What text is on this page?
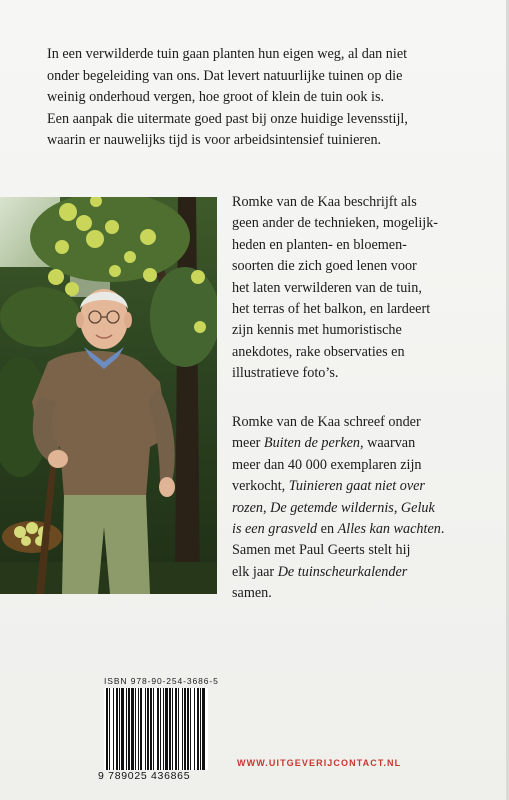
In een verwilderde tuin gaan planten hun eigen weg, al dan niet
onder begeleiding van ons. Dat levert natuurlijke tuinen op die
weinig onderhoud vergen, hoe groot of klein de tuin ook is.
Een aanpak die uitermate goed past bij onze huidige levensstijl,
waarin er nauwelijks tijd is voor arbeidsintensief tuinieren.
Romke van de Kaa beschrijft als
geen ander de technieken, mogelijk-
heden en planten- en bloemen-
soorten die zich goed lenen voor
het laten verwilderen van de tuin,
het terras of het balkon, en lardeert
zijn kennis met humoristische
anekdotes, rake observaties en
illustratieve foto’s.
Romke van de Kaa schreef onder
meer Buiten de perken, waarvan
meer dan 40 000 exemplaren zijn
verkocht, Tuinieren gaat niet over
rozen, De getemde wildernis, Geluk
is een grasveld en Alles kan wachten.
Samen met Paul Geerts stelt hij
elk jaar De tuinscheurkalender
samen.
ISBN 978-90-254-3686-5
9 789025 436865
WWW.UITGEVERIJCONTACT.NL
